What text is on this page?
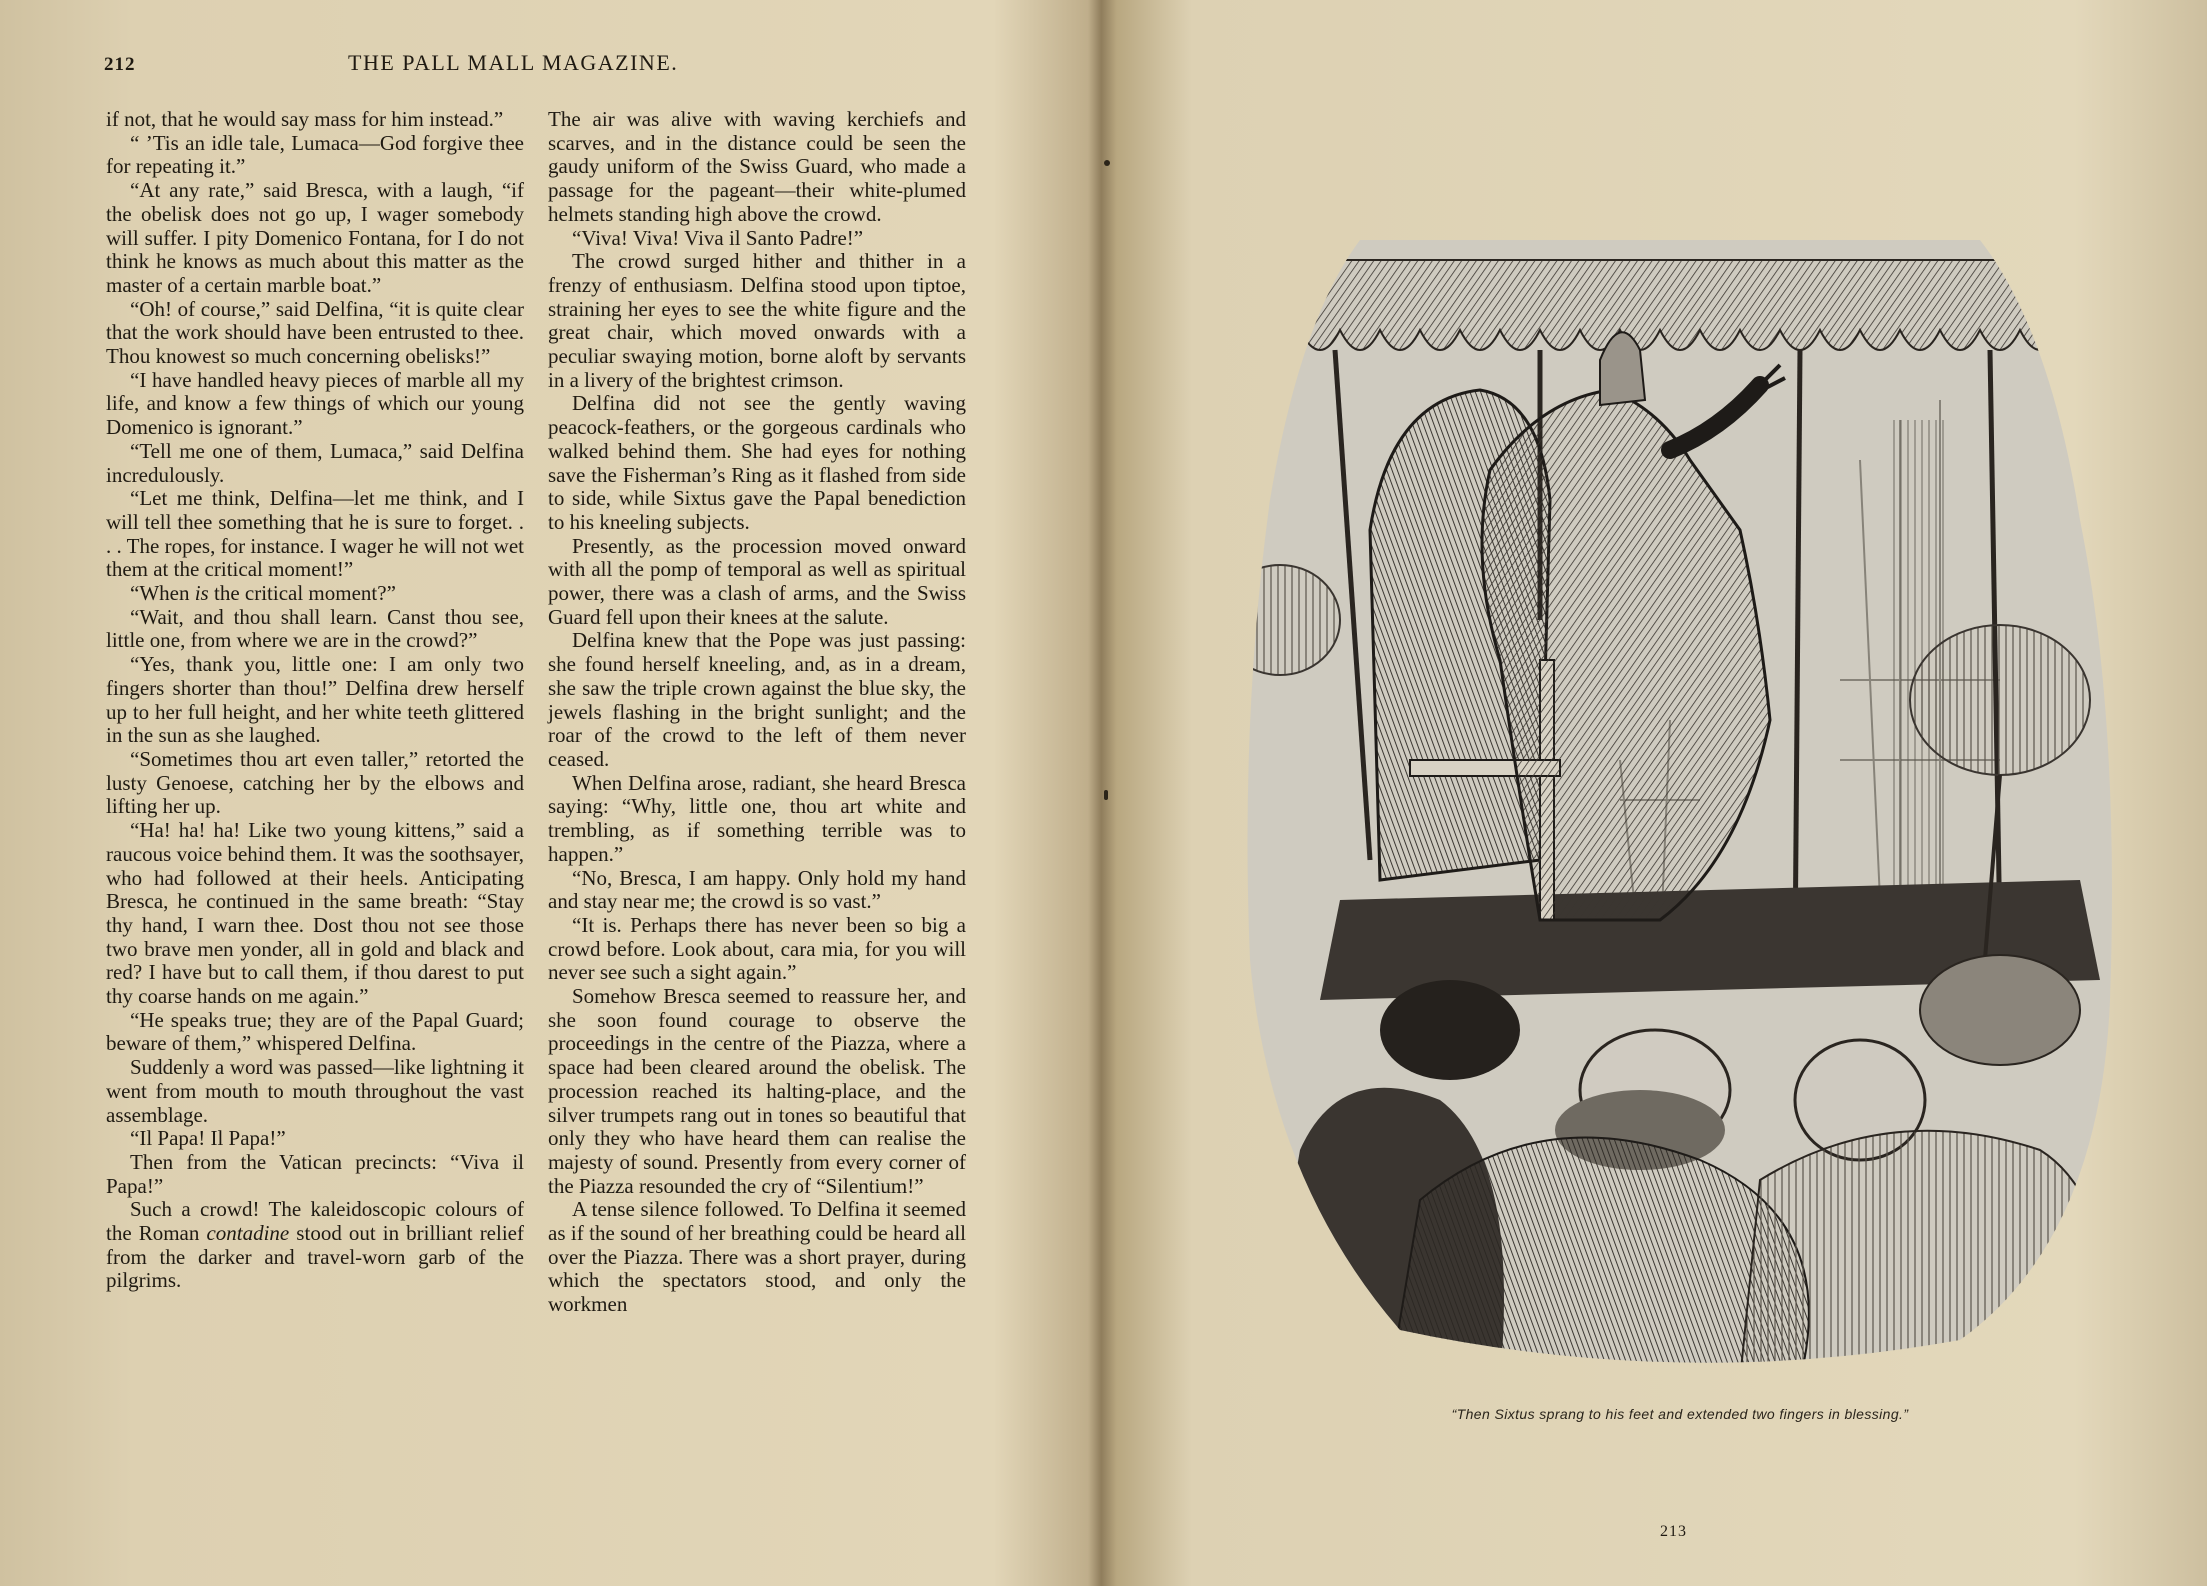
212	THE PALL MALL MAGAZINE.

if not, that he would say mass for him instead.”

“ ’Tis an idle tale, Lumaca—God forgive thee for repeating it.”

“At any rate,” said Bresca, with a laugh, “if the obelisk does not go up, I wager somebody will suffer. I pity Domenico Fontana, for I do not think he knows as much about this matter as the master of a certain marble boat.”

“Oh! of course,” said Delfina, “it is quite clear that the work should have been entrusted to thee. Thou knowest so much concerning obelisks!”

“I have handled heavy pieces of marble all my life, and know a few things of which our young Domenico is ignorant.”

“Tell me one of them, Lumaca,” said Delfina incredulously.

“Let me think, Delfina—let me think, and I will tell thee something that he is sure to forget. . . . The ropes, for instance. I wager he will not wet them at the critical moment!”

“When is the critical moment?”

“Wait, and thou shall learn. Canst thou see, little one, from where we are in the crowd?”

“Yes, thank you, little one: I am only two fingers shorter than thou!” Delfina drew herself up to her full height, and her white teeth glittered in the sun as she laughed.

“Sometimes thou art even taller,” retorted the lusty Genoese, catching her by the elbows and lifting her up.

“Ha! ha! ha! Like two young kittens,” said a raucous voice behind them. It was the soothsayer, who had followed at their heels. Anticipating Bresca, he continued in the same breath: “Stay thy hand, I warn thee. Dost thou not see those two brave men yonder, all in gold and black and red? I have but to call them, if thou darest to put thy coarse hands on me again.”

“He speaks true; they are of the Papal Guard; beware of them,” whispered Delfina.

Suddenly a word was passed—like lightning it went from mouth to mouth throughout the vast assemblage.

“Il Papa! Il Papa!”

Then from the Vatican precincts: “Viva il Papa!”

Such a crowd! The kaleidoscopic colours of the Roman contadine stood out in brilliant relief from the darker and travel-worn garb of the pilgrims.

The air was alive with waving kerchiefs and scarves, and in the distance could be seen the gaudy uniform of the Swiss Guard, who made a passage for the pageant—their white-plumed helmets standing high above the crowd.

“Viva! Viva! Viva il Santo Padre!”

The crowd surged hither and thither in a frenzy of enthusiasm. Delfina stood upon tiptoe, straining her eyes to see the white figure and the great chair, which moved onwards with a peculiar swaying motion, borne aloft by servants in a livery of the brightest crimson.

Delfina did not see the gently waving peacock-feathers, or the gorgeous cardinals who walked behind them. She had eyes for nothing save the Fisherman’s Ring as it flashed from side to side, while Sixtus gave the Papal benediction to his kneeling subjects.

Presently, as the procession moved onward with all the pomp of temporal as well as spiritual power, there was a clash of arms, and the Swiss Guard fell upon their knees at the salute.

Delfina knew that the Pope was just passing: she found herself kneeling, and, as in a dream, she saw the triple crown against the blue sky, the jewels flashing in the bright sunlight; and the roar of the crowd to the left of them never ceased.

When Delfina arose, radiant, she heard Bresca saying: “Why, little one, thou art white and trembling, as if something terrible was to happen.”

“No, Bresca, I am happy. Only hold my hand and stay near me; the crowd is so vast.”

“It is. Perhaps there has never been so big a crowd before. Look about, cara mia, for you will never see such a sight again.”

Somehow Bresca seemed to reassure her, and she soon found courage to observe the proceedings in the centre of the Piazza, where a space had been cleared around the obelisk. The procession reached its halting-place, and the silver trumpets rang out in tones so beautiful that only they who have heard them can realise the majesty of sound. Presently from every corner of the Piazza resounded the cry of “Silentium!”

A tense silence followed. To Delfina it seemed as if the sound of her breathing could be heard all over the Piazza. There was a short prayer, during which the spectators stood, and only the workmen

“Then Sixtus sprang to his feet and extended two fingers in blessing.”
213
